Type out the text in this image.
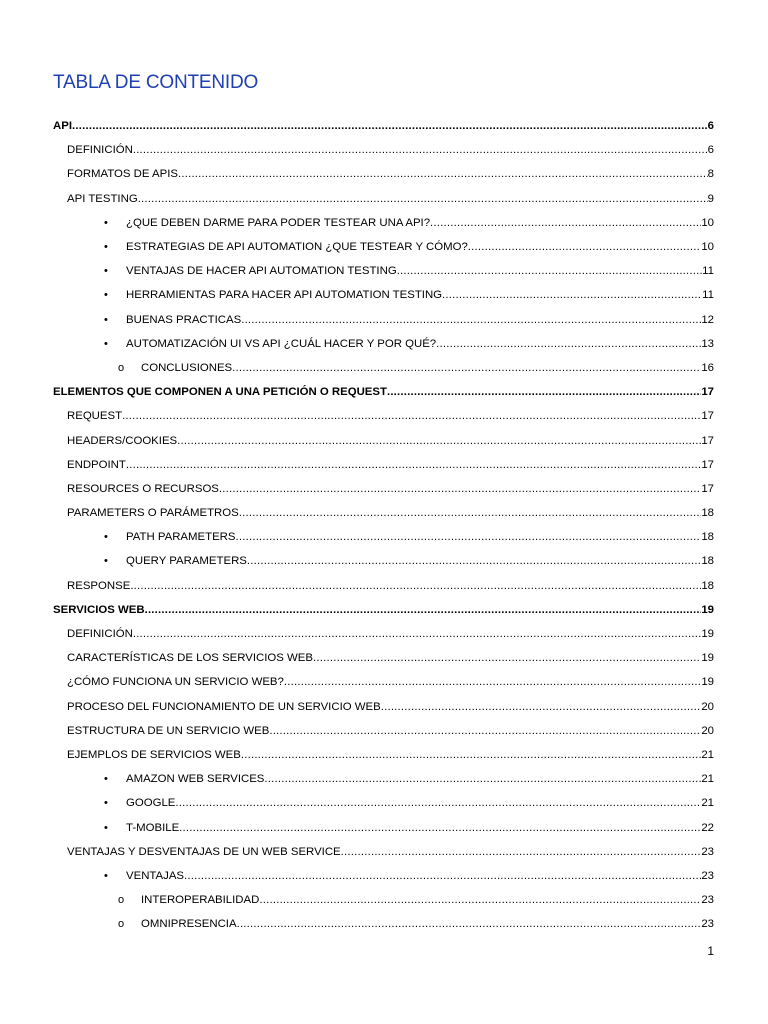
TABLA DE CONTENIDO
API .....	6
DEFINICIÓN .....	6
FORMATOS DE APIS .....	8
API TESTING .....	9
• ¿QUE DEBEN DARME PARA PODER TESTEAR UNA API? .....	10
• ESTRATEGIAS DE API AUTOMATION ¿QUE TESTEAR Y CÓMO? .....	10
• VENTAJAS DE HACER API AUTOMATION TESTING .....	11
• HERRAMIENTAS PARA HACER API AUTOMATION TESTING .....	11
• BUENAS PRACTICAS .....	12
• AUTOMATIZACIÓN UI VS API ¿CUÁL HACER Y POR QUÉ? .....	13
o CONCLUSIONES .....	16
ELEMENTOS QUE COMPONEN A UNA PETICIÓN O REQUEST .....	17
REQUEST .....	17
HEADERS/COOKIES .....	17
ENDPOINT .....	17
RESOURCES O RECURSOS .....	17
PARAMETERS O PARÁMETROS .....	18
• PATH PARAMETERS .....	18
• QUERY PARAMETERS .....	18
RESPONSE .....	18
SERVICIOS WEB .....	19
DEFINICIÓN .....	19
CARACTERÍSTICAS DE LOS SERVICIOS WEB .....	19
¿CÓMO FUNCIONA UN SERVICIO WEB? .....	19
PROCESO DEL FUNCIONAMIENTO DE UN SERVICIO WEB .....	20
ESTRUCTURA DE UN SERVICIO WEB .....	20
EJEMPLOS DE SERVICIOS WEB .....	21
• AMAZON WEB SERVICES .....	21
• GOOGLE .....	21
• T-MOBILE .....	22
VENTAJAS Y DESVENTAJAS DE UN WEB SERVICE .....	23
• VENTAJAS .....	23
o INTEROPERABILIDAD .....	23
o OMNIPRESENCIA .....	23
1
